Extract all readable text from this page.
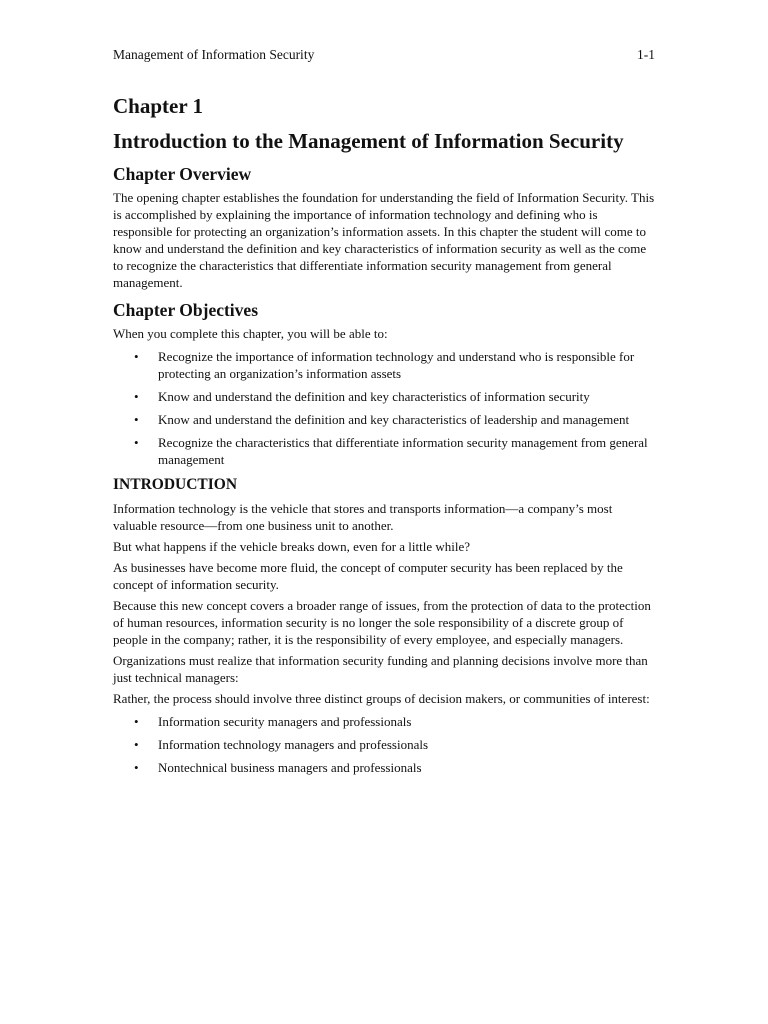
Management of Information Security	1-1
Chapter 1
Introduction to the Management of Information Security
Chapter Overview

The opening chapter establishes the foundation for understanding the field of Information Security. This is accomplished by explaining the importance of information technology and defining who is responsible for protecting an organization’s information assets. In this chapter the student will come to know and understand the definition and key characteristics of information security as well as the come to recognize the characteristics that differentiate information security management from general management.

Chapter Objectives

When you complete this chapter, you will be able to:

• Recognize the importance of information technology and understand who is responsible for protecting an organization’s information assets
• Know and understand the definition and key characteristics of information security
• Know and understand the definition and key characteristics of leadership and management
• Recognize the characteristics that differentiate information security management from general management
INTRODUCTION

Information technology is the vehicle that stores and transports information—a company’s most valuable resource—from one business unit to another.

But what happens if the vehicle breaks down, even for a little while?

As businesses have become more fluid, the concept of computer security has been replaced by the concept of information security.

Because this new concept covers a broader range of issues, from the protection of data to the protection of human resources, information security is no longer the sole responsibility of a discrete group of people in the company; rather, it is the responsibility of every employee, and especially managers.

Organizations must realize that information security funding and planning decisions involve more than just technical managers:

Rather, the process should involve three distinct groups of decision makers, or communities of interest:

• Information security managers and professionals
• Information technology managers and professionals
• Nontechnical business managers and professionals
